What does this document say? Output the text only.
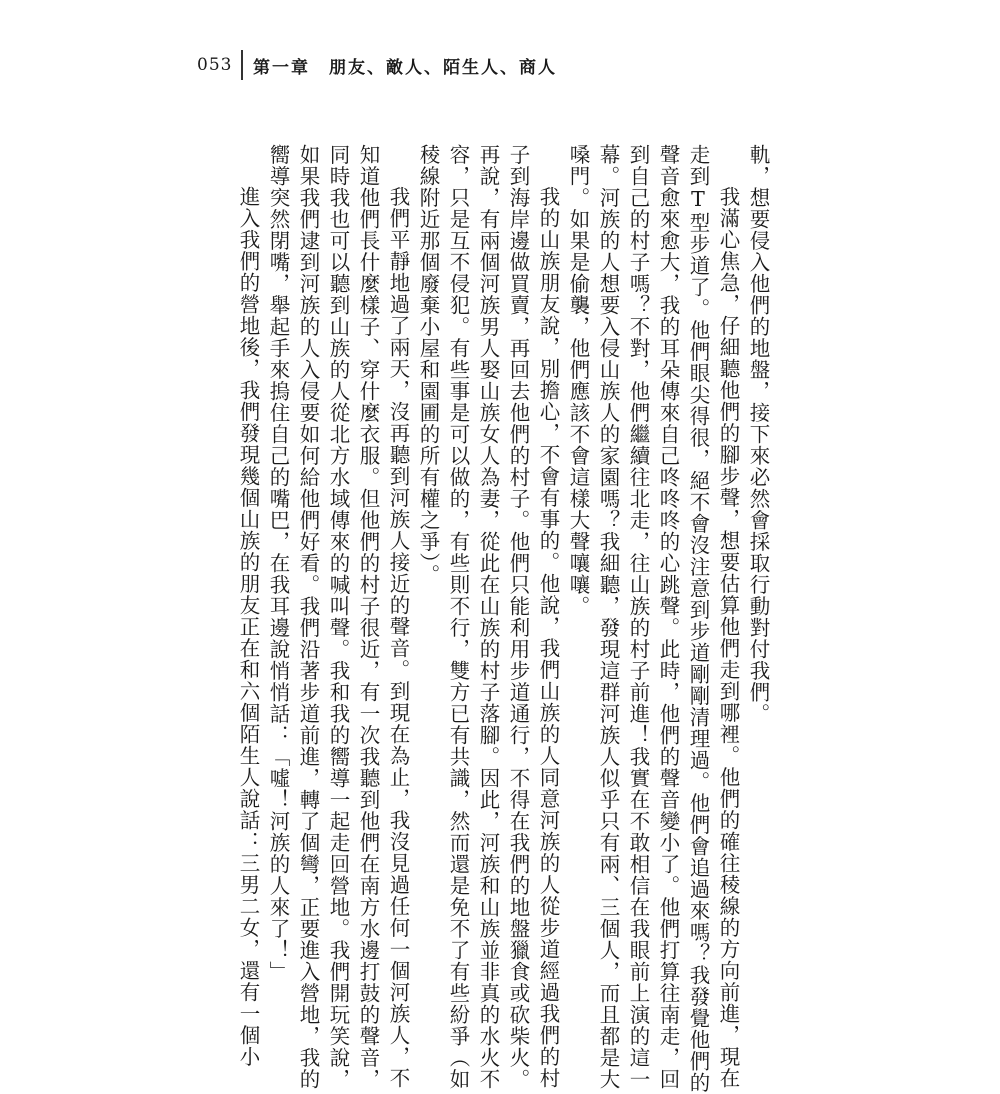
053 第一章　朋友、敵人、陌生人、商人
軌，想要侵入他們的地盤，接下來必然會採取行動對付我們。
我滿心焦急，仔細聽他們的腳步聲，想要估算他們走到哪裡。他們的確往稜線的方向前進，現在
走到T型步道了。他們眼尖得很，絕不會沒注意到步道剛剛清理過。他們會追過來嗎？我發覺他們的
聲音愈來愈大，我的耳朵傳來自己咚咚咚的心跳聲。此時，他們的聲音變小了。他們打算往南走，回
到自己的村子嗎？不對，他們繼續往北走，往山族的村子前進！我實在不敢相信在我眼前上演的這一
幕。河族的人想要入侵山族人的家園嗎？我細聽，發現這群河族人似乎只有兩、三個人，而且都是大
嗓門。如果是偷襲，他們應該不會這樣大聲嚷嚷。
我的山族朋友說，別擔心，不會有事的。他說，我們山族的人同意河族的人從步道經過我們的村
子到海岸邊做買賣，再回去他們的村子。他們只能利用步道通行，不得在我們的地盤獵食或砍柴火。
再說，有兩個河族男人娶山族女人為妻，從此在山族的村子落腳。因此，河族和山族並非真的水火不
容，只是互不侵犯。有些事是可以做的，有些則不行，雙方已有共識，然而還是免不了有些紛爭（如
稜線附近那個廢棄小屋和園圃的所有權之爭）。
我們平靜地過了兩天，沒再聽到河族人接近的聲音。到現在為止，我沒見過任何一個河族人，不
知道他們長什麼樣子、穿什麼衣服。但他們的村子很近，有一次我聽到他們在南方水邊打鼓的聲音，
同時我也可以聽到山族的人從北方水域傳來的喊叫聲。我和我的嚮導一起走回營地。我們開玩笑說，
如果我們逮到河族的人入侵要如何給他們好看。我們沿著步道前進，轉了個彎，正要進入營地，我的
嚮導突然閉嘴，舉起手來摀住自己的嘴巴，在我耳邊說悄悄話：「噓！河族的人來了！」
進入我們的營地後，我們發現幾個山族的朋友正在和六個陌生人說話：三男二女，還有一個小
